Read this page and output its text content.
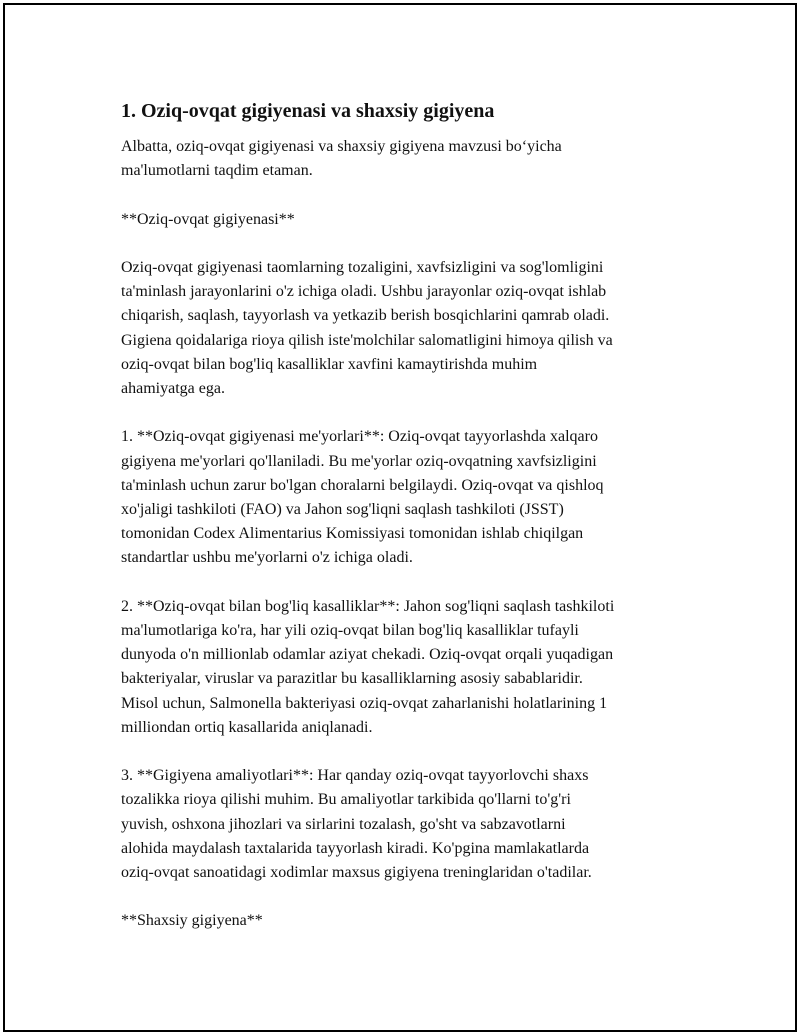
1. Oziq-ovqat gigiyenasi va shaxsiy gigiyena

Albatta, oziq-ovqat gigiyenasi va shaxsiy gigiyena mavzusi bo‘yicha
ma'lumotlarni taqdim etaman.

**Oziq-ovqat gigiyenasi**

Oziq-ovqat gigiyenasi taomlarning tozaligini, xavfsizligini va sog'lomligini
ta'minlash jarayonlarini o'z ichiga oladi. Ushbu jarayonlar oziq-ovqat ishlab
chiqarish, saqlash, tayyorlash va yetkazib berish bosqichlarini qamrab oladi.
Gigiena qoidalariga rioya qilish iste'molchilar salomatligini himoya qilish va
oziq-ovqat bilan bog'liq kasalliklar xavfini kamaytirishda muhim
ahamiyatga ega.

1. **Oziq-ovqat gigiyenasi me'yorlari**: Oziq-ovqat tayyorlashda xalqaro
gigiyena me'yorlari qo'llaniladi. Bu me'yorlar oziq-ovqatning xavfsizligini
ta'minlash uchun zarur bo'lgan choralarni belgilaydi. Oziq-ovqat va qishloq
xo'jaligi tashkiloti (FAO) va Jahon sog'liqni saqlash tashkiloti (JSST)
tomonidan Codex Alimentarius Komissiyasi tomonidan ishlab chiqilgan
standartlar ushbu me'yorlarni o'z ichiga oladi.

2. **Oziq-ovqat bilan bog'liq kasalliklar**: Jahon sog'liqni saqlash tashkiloti
ma'lumotlariga ko'ra, har yili oziq-ovqat bilan bog'liq kasalliklar tufayli
dunyoda o'n millionlab odamlar aziyat chekadi. Oziq-ovqat orqali yuqadigan
bakteriyalar, viruslar va parazitlar bu kasalliklarning asosiy sabablaridir.
Misol uchun, Salmonella bakteriyasi oziq-ovqat zaharlanishi holatlarining 1
milliondan ortiq kasallarida aniqlanadi.

3. **Gigiyena amaliyotlari**: Har qanday oziq-ovqat tayyorlovchi shaxs
tozalikka rioya qilishi muhim. Bu amaliyotlar tarkibida qo'llarni to'g'ri
yuvish, oshxona jihozlari va sirlarini tozalash, go'sht va sabzavotlarni
alohida maydalash taxtalarida tayyorlash kiradi. Ko'pgina mamlakatlarda
oziq-ovqat sanoatidagi xodimlar maxsus gigiyena treninglaridan o'tadilar.

**Shaxsiy gigiyena**
